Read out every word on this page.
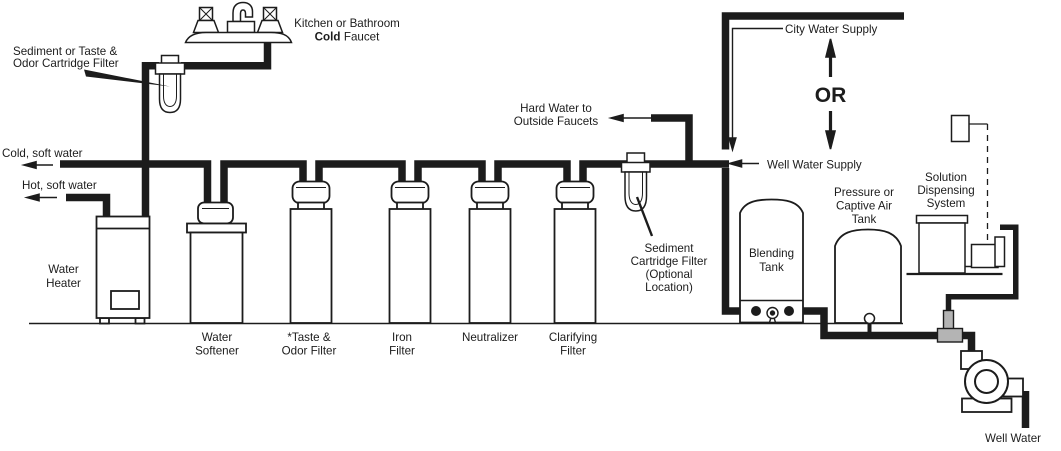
Sediment or Taste &
Odor Cartridge Filter
Kitchen or Bathroom
Cold Faucet
Cold, soft water
Hot, soft water
Water
Heater
Water
Softener
*Taste &
Odor Filter
Iron
Filter
Neutralizer	Clarifying
Filter
Hard Water to
Outside Faucets
Sediment
Cartridge Filter
(Optional
Location)
City Water Supply
OR
Well Water Supply
Blending
Tank
Pressure or
Captive Air
Tank
Solution
Dispensing
System
Well Water
